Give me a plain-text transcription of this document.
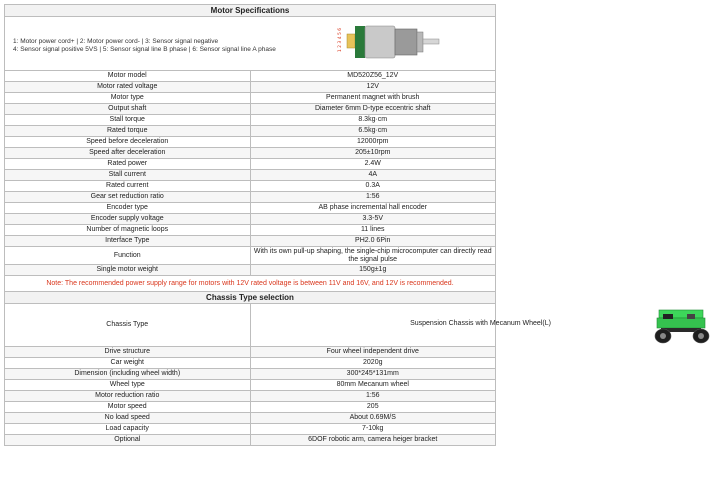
Motor Specifications	

1: Motor power cord+ | 2: Motor power cord- | 3: Sensor signal negative
4: Sensor signal positive 5VS | 5: Sensor signal line B phase | 6: Sensor signal line A phase 1 2 3 4 5 6	

Motor model	MD520Z56_12V
Motor rated voltage	12V
Motor type	Permanent magnet with brush
Output shaft	Diameter 6mm D-type eccentric shaft
Stall torque	8.3kg·cm
Rated torque	6.5kg·cm
Speed before deceleration	12000rpm
Speed after deceleration	205±10rpm
Rated power	2.4W
Stall current	4A
Rated current	0.3A
Gear set reduction ratio	1:56
Encoder type	AB phase incremental hall encoder
Encoder supply voltage	3.3-5V
Number of magnetic loops	11 lines
Interface Type	PH2.0 6Pin
Function	With its own pull-up shaping, the single-chip microcomputer can directly read the signal pulse
Single motor weight	150g±1g
Note: The recommended power supply range for motors with 12V rated voltage is between 11V and 16V, and 12V is recommended.	
Chassis Type selection	
Chassis Type	Suspension Chassis with Mecanum Wheel(L)

Drive structure	Four wheel independent drive
Car weight	2020g
Dimension (including wheel width)	300*245*131mm
Wheel type	80mm Mecanum wheel
Motor reduction ratio	1:56
Motor speed	205
No load speed	About 0.69M/S
Load capacity	7-10kg
Optional	6DOF robotic arm, camera heiger bracket
